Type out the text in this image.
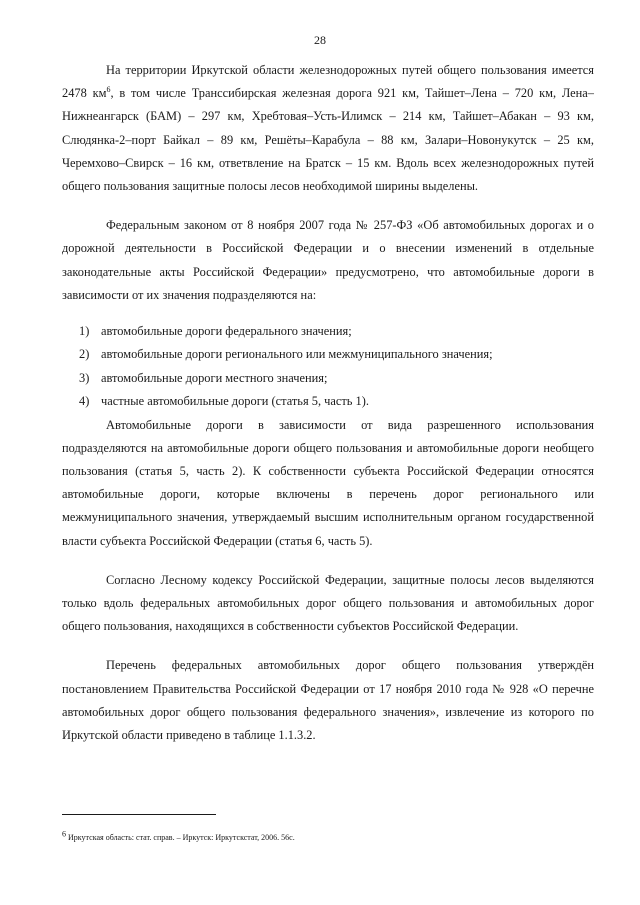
28

На территории Иркутской области железнодорожных путей общего пользования имеется 2478 $км^6$, в том числе Транссибирская железная дорога 921 км, Тайшет–Лена – 720 км, Лена–Нижнеангарск (БАМ) – 297 км, Хребтовая–Усть-Илимск – 214 км, Тайшет–Абакан – 93 км, Слюдянка-2–порт Байкал – 89 км, Решёты–Карабула – 88 км, Залари–Новонукутск – 25 км, Черемхово–Свирск – 16 км, ответвление на Братск – 15 км. Вдоль всех железнодорожных путей общего пользования защитные полосы лесов необходимой ширины выделены.

Федеральным законом от 8 ноября 2007 года № 257-ФЗ «Об автомобильных дорогах и о дорожной деятельности в Российской Федерации и о внесении изменений в отдельные законодательные акты Российской Федерации» предусмотрено, что автомобильные дороги в зависимости от их значения подразделяются на:

1) автомобильные дороги федерального значения;
2) автомобильные дороги регионального или межмуниципального значения;
3) автомобильные дороги местного значения;
4) частные автомобильные дороги (статья 5, часть 1).

Автомобильные дороги в зависимости от вида разрешенного использования подразделяются на автомобильные дороги общего пользования и автомобильные дороги необщего пользования (статья 5, часть 2). К собственности субъекта Российской Федерации относятся автомобильные дороги, которые включены в перечень дорог регионального или межмуниципального значения, утверждаемый высшим исполнительным органом государственной власти субъекта Российской Федерации (статья 6, часть 5).

Согласно Лесному кодексу Российской Федерации, защитные полосы лесов выделяются только вдоль федеральных автомобильных дорог общего пользования и автомобильных дорог общего пользования, находящихся в собственности субъектов Российской Федерации.

Перечень федеральных автомобильных дорог общего пользования утверждён постановлением Правительства Российской Федерации от 17 ноября 2010 года № 928 «О перечне автомобильных дорог общего пользования федерального значения», извлечение из которого по Иркутской области приведено в таблице 1.1.3.2.

$^6$ Иркутская область: стат. справ. – Иркутск: Иркутскстат, 2006. 56с.
